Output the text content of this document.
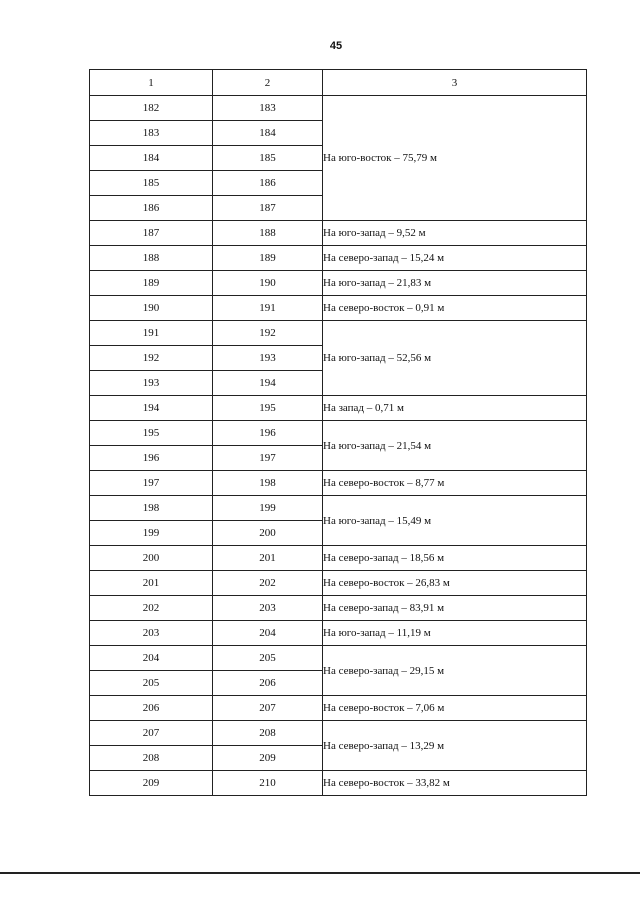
45
1	2	3
182	183	На юго-восток – 75,79 м
183	184	
184	185	
185	186	
186	187	
187	188	На юго-запад – 9,52 м
188	189	На северо-запад – 15,24 м
189	190	На юго-запад – 21,83 м
190	191	На северо-восток – 0,91 м
191	192	На юго-запад – 52,56 м
192	193	
193	194	
194	195	На запад – 0,71 м
195	196	На юго-запад – 21,54 м
196	197	
197	198	На северо-восток – 8,77 м
198	199	На юго-запад – 15,49 м
199	200	
200	201	На северо-запад – 18,56 м
201	202	На северо-восток – 26,83 м
202	203	На северо-запад – 83,91 м
203	204	На юго-запад – 11,19 м
204	205	На северо-запад – 29,15 м
205	206	
206	207	На северо-восток – 7,06 м
207	208	На северо-запад – 13,29 м
208	209	
209	210	На северо-восток – 33,82 м
